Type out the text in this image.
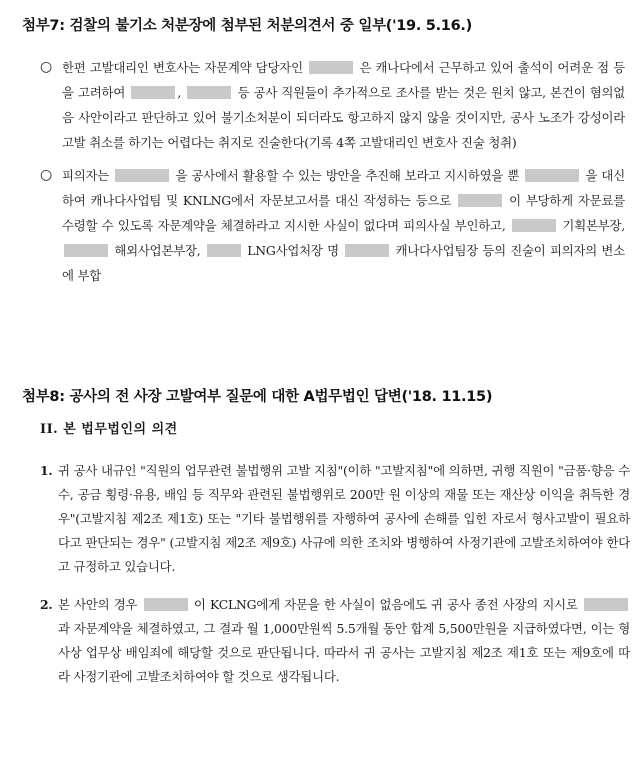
첨부7: 검찰의 불기소 처분장에 첨부된 처분의견서 중 일부('19. 5.16.)
○ 한편 고발대리인 변호사는 자문계약 담당자인	은 캐나다에서 근무하고 있어 출석이 어려운 점 등을 고려하여	,	등 공사 직원들이 추가적으로 조사를 받는 것은 원치 않고, 본건이 혐의없음 사안이라고 판단하고 있어 불기소처분이 되더라도 항고하지 않지 않을 것이지만, 공사 노조가 강성이라 고발 취소를 하기는 어렵다는 취지로 진술한다(기록 4쪽 고발대리인 변호사 진술 청취)
○ 피의자는	을 공사에서 활용할 수 있는 방안을 추진해 보라고 지시하였을 뿐	을 대신하여 캐나다사업팀 및 KNLNG에서 자문보고서를 대신 작성하는 등으로	이 부당하게 자문료를 수령할 수 있도록 자문계약을 체결하라고 지시한 사실이 없다며 피의사실 부인하고,	기획본부장,  해외사업본부장,	LNG사업처장 명	캐나다사업팀장 등의 진술이 피의자의 변소에 부합
첨부8: 공사의 전 사장 고발여부 질문에 대한 A법무법인 답변('18. 11.15)
II. 본 법무법인의 의견
1. 귀 공사 내규인 "직원의 업무관련 불법행위 고발 지침"(이하 "고발지침"에 의하면, 귀행 직원이 "금품·향응 수수, 공금 횡령·유용, 배임 등 직무와 관련된 불법행위로 200만 원 이상의 재물 또는 재산상 이익을 취득한 경우"(고발지침 제2조 제1호) 또는 "기타 불법행위를 자행하여 공사에 손해를 입힌 자로서 형사고발이 필요하다고 판단되는 경우" (고발지침 제2조 제9호) 사규에 의한 조치와 병행하여 사정기관에 고발조치하여야 한다고 규정하고 있습니다.
2. 본 사안의 경우	이 KCLNG에게 자문을 한 사실이 없음에도 귀 공사 종전 사장의 지시로  과 자문계약을 체결하였고, 그 결과 월 1,000만원씩 5.5개월 동안 합계 5,500만원을 지급하였다면, 이는 형사상 업무상 배임죄에 해당할 것으로 판단됩니다. 따라서 귀 공사는 고발지침 제2조 제1호 또는 제9호에 따라 사정기관에 고발조치하여야 할 것으로 생각됩니다.
